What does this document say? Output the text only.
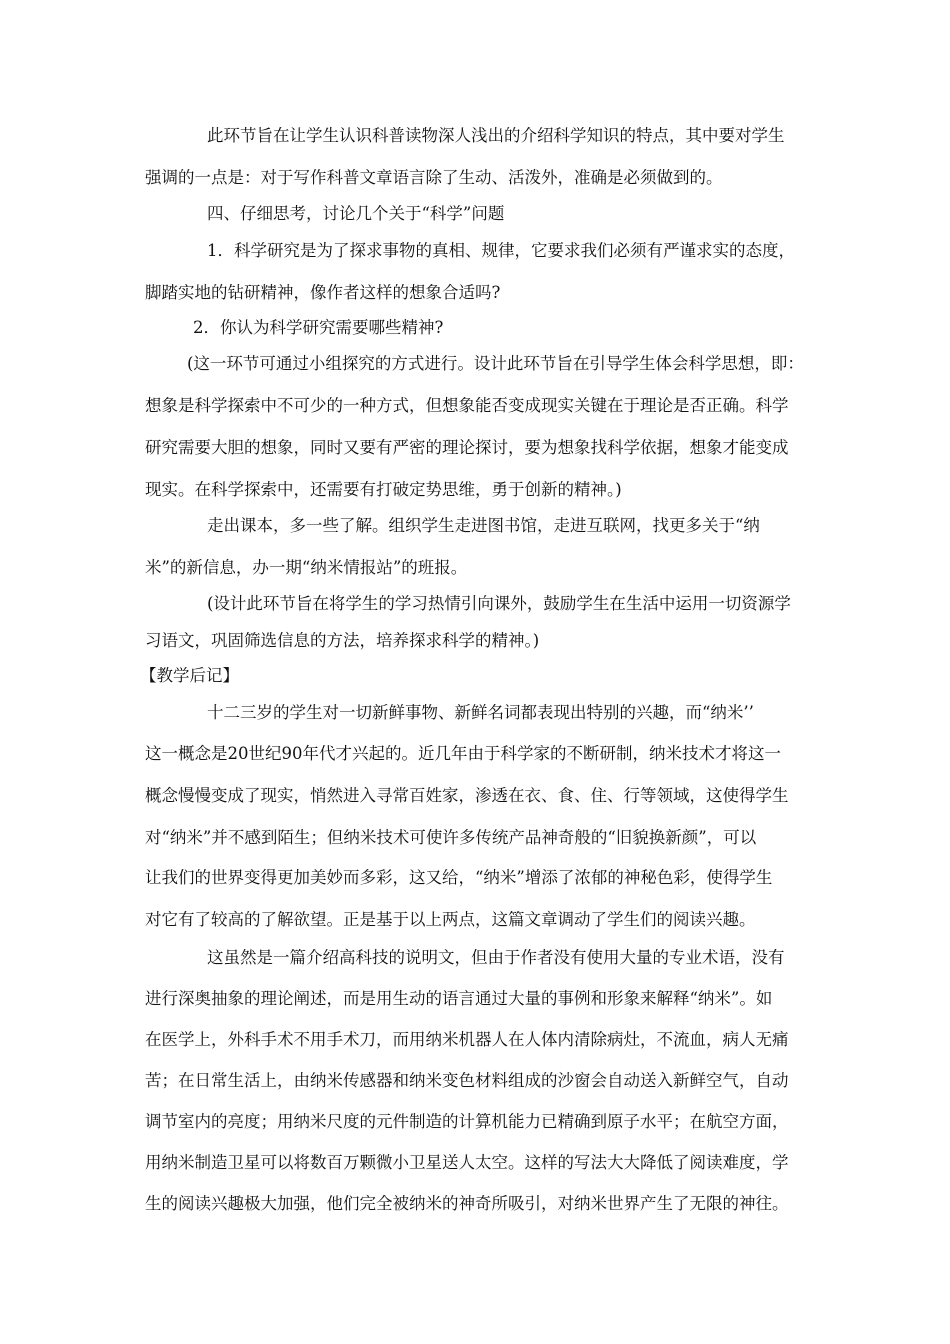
此环节旨在让学生认识科普读物深人浅出的介绍科学知识的特点，其中要对学生
强调的一点是：对于写作科普文章语言除了生动、活泼外，准确是必须做到的。
四、仔细思考，讨论几个关于“科学”问题
1．科学研究是为了探求事物的真相、规律，它要求我们必须有严谨求实的态度，
脚踏实地的钻研精神，像作者这样的想象合适吗?
2．你认为科学研究需要哪些精神?
(这一环节可通过小组探究的方式进行。设计此环节旨在引导学生体会科学思想，即：
想象是科学探索中不可少的一种方式，但想象能否变成现实关键在于理论是否正确。科学
研究需要大胆的想象，同时又要有严密的理论探讨，要为想象找科学依据，想象才能变成
现实。在科学探索中，还需要有打破定势思维，勇于创新的精神。)
走出课本，多一些了解。组织学生走进图书馆，走进互联网，找更多关于“纳
米”的新信息，办一期“纳米情报站”的班报。
(设计此环节旨在将学生的学习热情引向课外，鼓励学生在生活中运用一切资源学
习语文，巩固筛选信息的方法，培养探求科学的精神。)
【教学后记】
十二三岁的学生对一切新鲜事物、新鲜名词都表现出特别的兴趣，而“纳米’’
这一概念是20世纪90年代才兴起的。近几年由于科学家的不断研制，纳米技术才将这一
概念慢慢变成了现实，悄然进入寻常百姓家，渗透在衣、食、住、行等领域，这使得学生
对“纳米”并不感到陌生；但纳米技术可使许多传统产品神奇般的“旧貌换新颜”，可以
让我们的世界变得更加美妙而多彩，这又给，“纳米”增添了浓郁的神秘色彩，使得学生
对它有了较高的了解欲望。正是基于以上两点，这篇文章调动了学生们的阅读兴趣。
这虽然是一篇介绍高科技的说明文，但由于作者没有使用大量的专业术语，没有
进行深奥抽象的理论阐述，而是用生动的语言通过大量的事例和形象来解释“纳米”。如
在医学上，外科手术不用手术刀，而用纳米机器人在人体内清除病灶，不流血，病人无痛
苦；在日常生活上，由纳米传感器和纳米变色材料组成的沙窗会自动送入新鲜空气，自动
调节室内的亮度；用纳米尺度的元件制造的计算机能力已精确到原子水平；在航空方面，
用纳米制造卫星可以将数百万颗微小卫星送人太空。这样的写法大大降低了阅读难度，学
生的阅读兴趣极大加强，他们完全被纳米的神奇所吸引，对纳米世界产生了无限的神往。
